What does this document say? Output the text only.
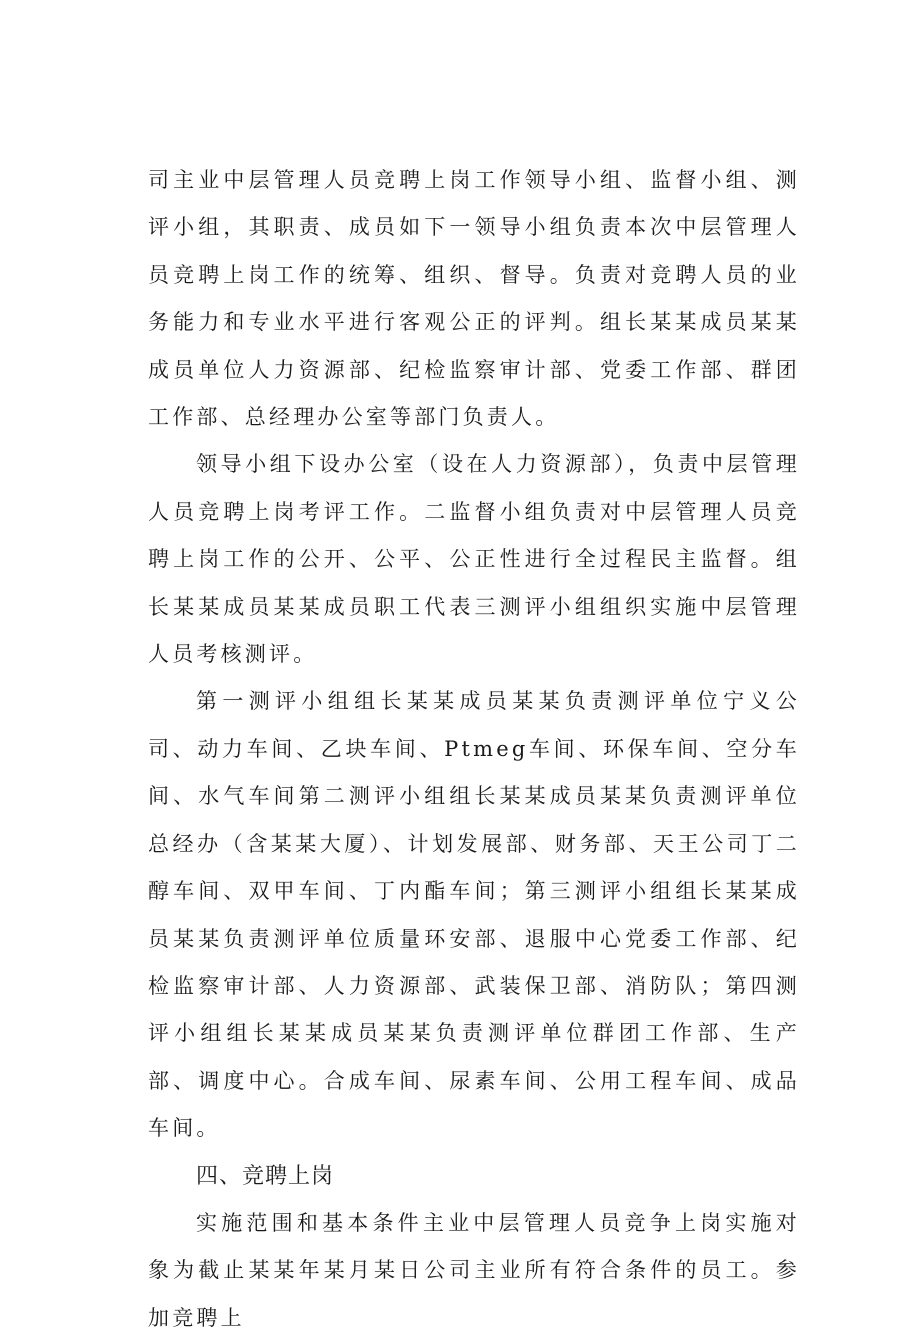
司主业中层管理人员竞聘上岗工作领导小组、监督小组、测评小组，其职责、成员如下一领导小组负责本次中层管理人员竞聘上岗工作的统筹、组织、督导。负责对竞聘人员的业务能力和专业水平进行客观公正的评判。组长某某成员某某成员单位人力资源部、纪检监察审计部、党委工作部、群团工作部、总经理办公室等部门负责人。

领导小组下设办公室（设在人力资源部），负责中层管理人员竞聘上岗考评工作。二监督小组负责对中层管理人员竞聘上岗工作的公开、公平、公正性进行全过程民主监督。组长某某成员某某成员职工代表三测评小组组织实施中层管理人员考核测评。

第一测评小组组长某某成员某某负责测评单位宁义公司、动力车间、乙块车间、Ptmeg车间、环保车间、空分车间、水气车间第二测评小组组长某某成员某某负责测评单位总经办（含某某大厦）、计划发展部、财务部、天王公司丁二醇车间、双甲车间、丁内酯车间；第三测评小组组长某某成员某某负责测评单位质量环安部、退服中心党委工作部、纪检监察审计部、人力资源部、武装保卫部、消防队；第四测评小组组长某某成员某某负责测评单位群团工作部、生产部、调度中心。合成车间、尿素车间、公用工程车间、成品车间。

四、竞聘上岗

实施范围和基本条件主业中层管理人员竞争上岗实施对象为截止某某年某月某日公司主业所有符合条件的员工。参加竞聘上
